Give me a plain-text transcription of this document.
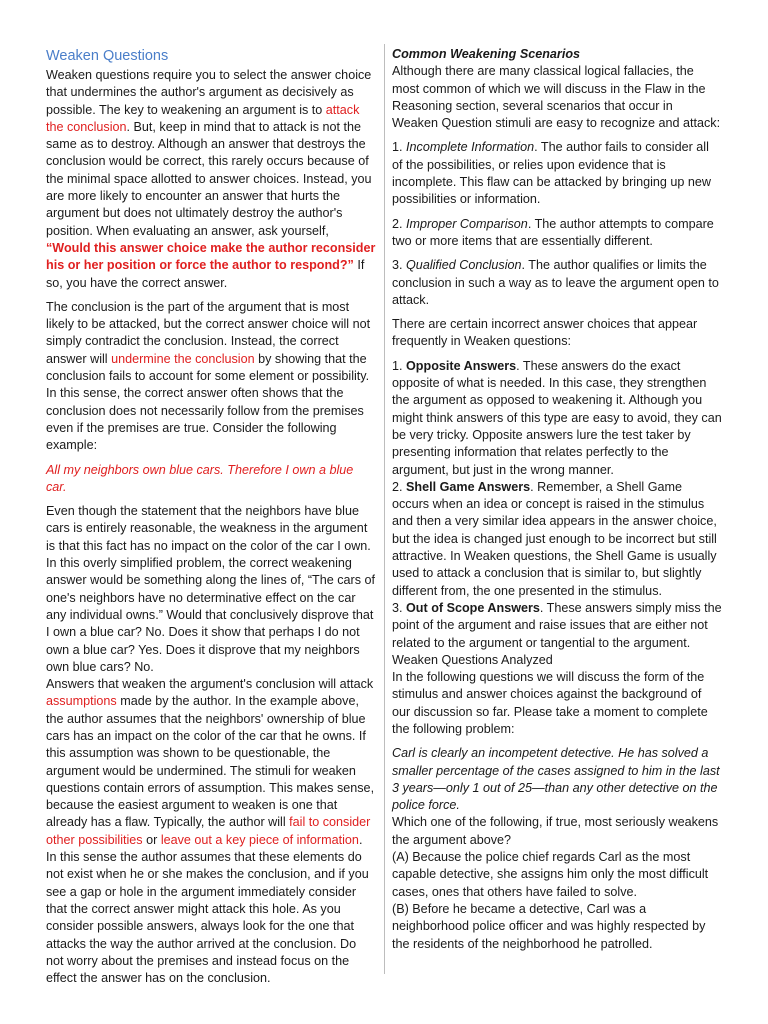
Weaken Questions

Weaken questions require you to select the answer choice that undermines the author's argument as decisively as possible. The key to weakening an argument is to attack the conclusion. But, keep in mind that to attack is not the same as to destroy. Although an answer that destroys the conclusion would be correct, this rarely occurs because of the minimal space allotted to answer choices. Instead, you are more likely to encounter an answer that hurts the argument but does not ultimately destroy the author's position. When evaluating an answer, ask yourself, “Would this answer choice make the author reconsider his or her position or force the author to respond?” If so, you have the correct answer.

The conclusion is the part of the argument that is most likely to be attacked, but the correct answer choice will not simply contradict the conclusion. Instead, the correct answer will undermine the conclusion by showing that the conclusion fails to account for some element or possibility. In this sense, the correct answer often shows that the conclusion does not necessarily follow from the premises even if the premises are true. Consider the following example:

All my neighbors own blue cars. Therefore I own a blue car.

Even though the statement that the neighbors have blue cars is entirely reasonable, the weakness in the argument is that this fact has no impact on the color of the car I own. In this overly simplified problem, the correct weakening answer would be something along the lines of, “The cars of one's neighbors have no determinative effect on the car any individual owns.” Would that conclusively disprove that I own a blue car? No. Does it show that perhaps I do not own a blue car? Yes. Does it disprove that my neighbors own blue cars? No.

Answers that weaken the argument's conclusion will attack assumptions made by the author. In the example above, the author assumes that the neighbors' ownership of blue cars has an impact on the color of the car that he owns. If this assumption was shown to be questionable, the argument would be undermined. The stimuli for weaken questions contain errors of assumption. This makes sense, because the easiest argument to weaken is one that already has a flaw. Typically, the author will fail to consider other possibilities or leave out a key piece of information. In this sense the author assumes that these elements do not exist when he or she makes the conclusion, and if you see a gap or hole in the argument immediately consider that the correct answer might attack this hole. As you consider possible answers, always look for the one that attacks the way the author arrived at the conclusion. Do not worry about the premises and instead focus on the effect the answer has on the conclusion.

Common Weakening Scenarios

Although there are many classical logical fallacies, the most common of which we will discuss in the Flaw in the Reasoning section, several scenarios that occur in Weaken Question stimuli are easy to recognize and attack:

1. Incomplete Information. The author fails to consider all of the possibilities, or relies upon evidence that is incomplete. This flaw can be attacked by bringing up new possibilities or information.

2. Improper Comparison. The author attempts to compare two or more items that are essentially different.

3. Qualified Conclusion. The author qualifies or limits the conclusion in such a way as to leave the argument open to attack.

There are certain incorrect answer choices that appear frequently in Weaken questions:

1. Opposite Answers. These answers do the exact opposite of what is needed. In this case, they strengthen the argument as opposed to weakening it. Although you might think answers of this type are easy to avoid, they can be very tricky. Opposite answers lure the test taker by presenting information that relates perfectly to the argument, but just in the wrong manner.

2. Shell Game Answers. Remember, a Shell Game occurs when an idea or concept is raised in the stimulus and then a very similar idea appears in the answer choice, but the idea is changed just enough to be incorrect but still attractive. In Weaken questions, the Shell Game is usually used to attack a conclusion that is similar to, but slightly different from, the one presented in the stimulus.

3. Out of Scope Answers. These answers simply miss the point of the argument and raise issues that are either not related to the argument or tangential to the argument.

Weaken Questions Analyzed

In the following questions we will discuss the form of the stimulus and answer choices against the background of our discussion so far. Please take a moment to complete the following problem:

Carl is clearly an incompetent detective. He has solved a smaller percentage of the cases assigned to him in the last 3 years—only 1 out of 25—than any other detective on the police force.

Which one of the following, if true, most seriously weakens the argument above?

(A) Because the police chief regards Carl as the most capable detective, she assigns him only the most difficult cases, ones that others have failed to solve.

(B) Before he became a detective, Carl was a neighborhood police officer and was highly respected by the residents of the neighborhood he patrolled.
